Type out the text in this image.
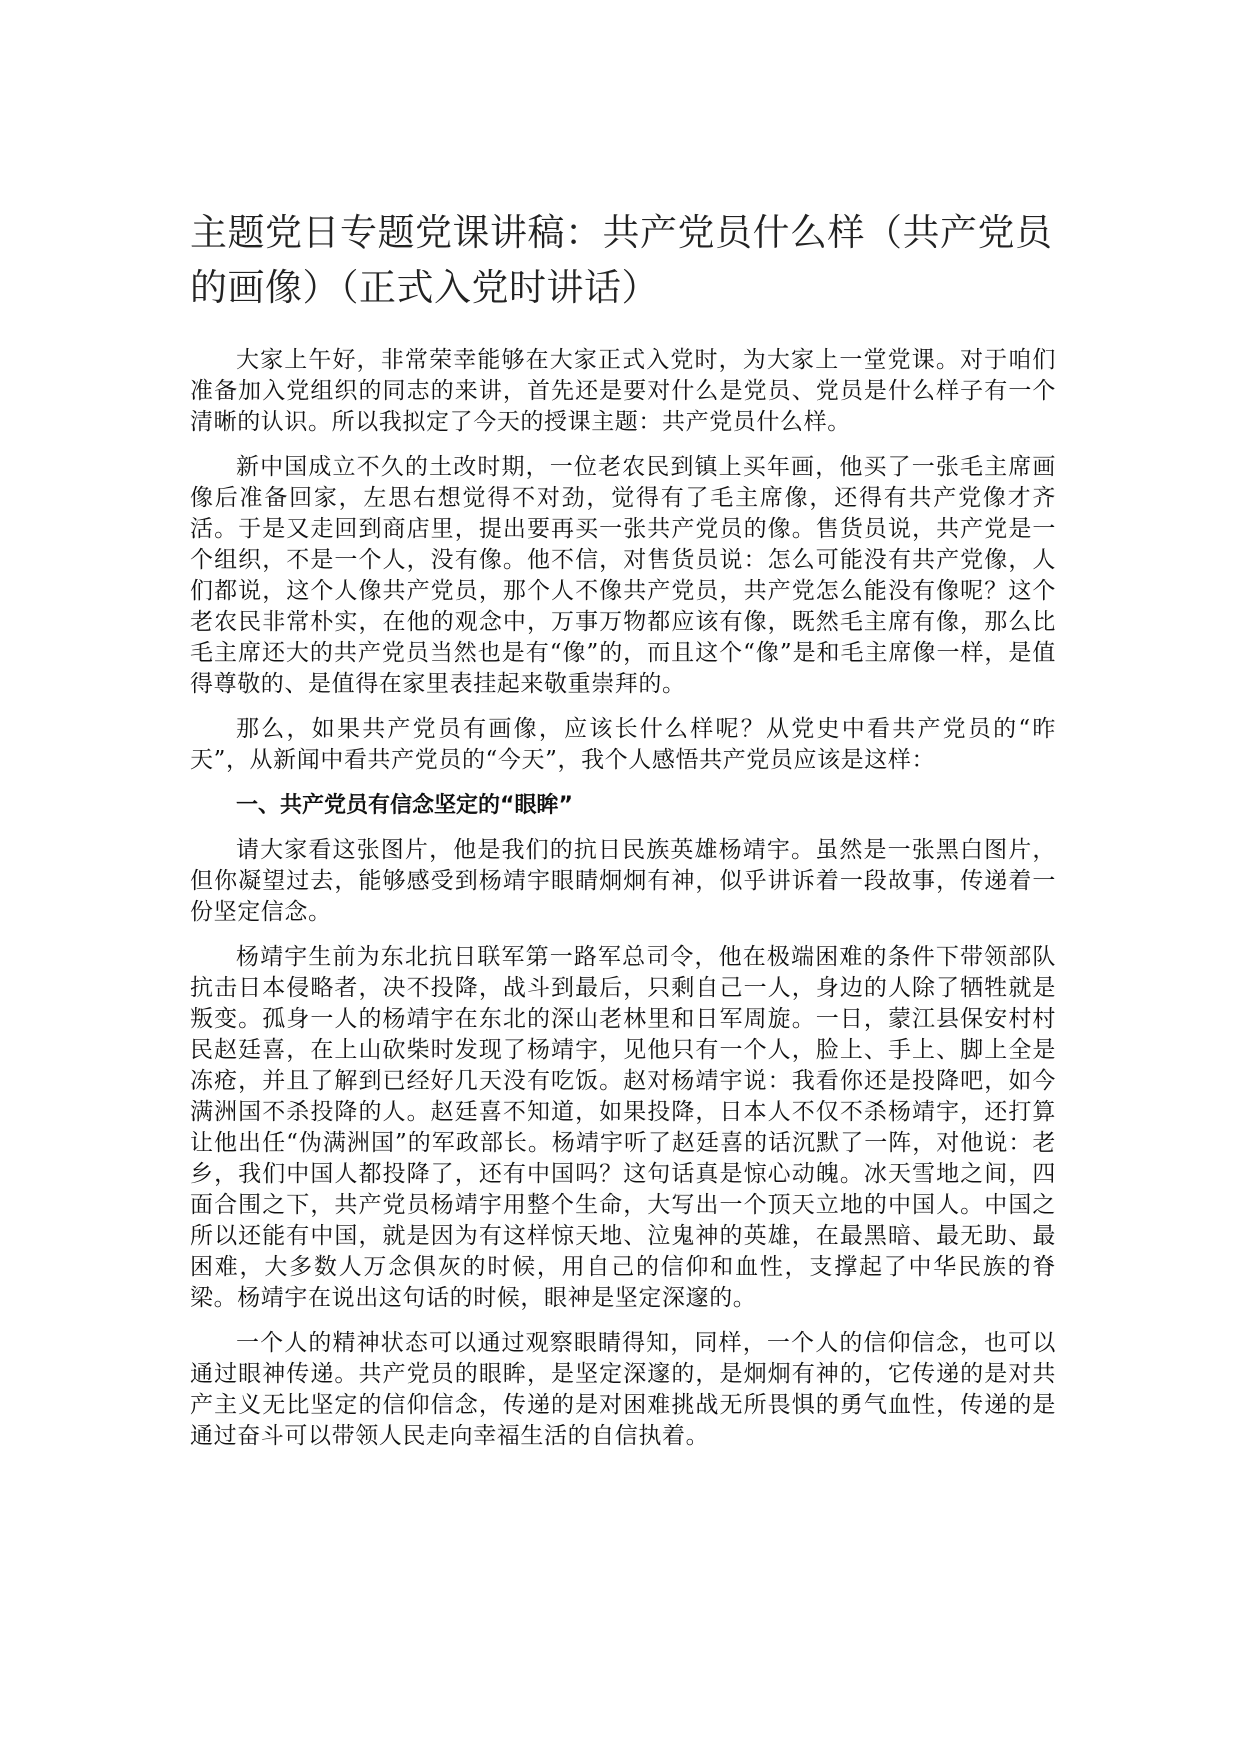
主题党日专题党课讲稿：共产党员什么样（共产党员的画像）（正式入党时讲话）

大家上午好，非常荣幸能够在大家正式入党时，为大家上一堂党课。对于咱们准备加入党组织的同志的来讲，首先还是要对什么是党员、党员是什么样子有一个清晰的认识。所以我拟定了今天的授课主题：共产党员什么样。

新中国成立不久的土改时期，一位老农民到镇上买年画，他买了一张毛主席画像后准备回家，左思右想觉得不对劲，觉得有了毛主席像，还得有共产党像才齐活。于是又走回到商店里，提出要再买一张共产党员的像。售货员说，共产党是一个组织，不是一个人，没有像。他不信，对售货员说：怎么可能没有共产党像，人们都说，这个人像共产党员，那个人不像共产党员，共产党怎么能没有像呢？这个老农民非常朴实，在他的观念中，万事万物都应该有像，既然毛主席有像，那么比毛主席还大的共产党员当然也是有“像”的，而且这个“像”是和毛主席像一样，是值得尊敬的、是值得在家里表挂起来敬重崇拜的。

那么，如果共产党员有画像，应该长什么样呢？从党史中看共产党员的“昨天”，从新闻中看共产党员的“今天”，我个人感悟共产党员应该是这样：

一、共产党员有信念坚定的“眼眸”

请大家看这张图片，他是我们的抗日民族英雄杨靖宇。虽然是一张黑白图片，但你凝望过去，能够感受到杨靖宇眼睛炯炯有神，似乎讲诉着一段故事，传递着一份坚定信念。

杨靖宇生前为东北抗日联军第一路军总司令，他在极端困难的条件下带领部队抗击日本侵略者，决不投降，战斗到最后，只剩自己一人，身边的人除了牺牲就是叛变。孤身一人的杨靖宇在东北的深山老林里和日军周旋。一日，蒙江县保安村村民赵廷喜，在上山砍柴时发现了杨靖宇，见他只有一个人，脸上、手上、脚上全是冻疮，并且了解到已经好几天没有吃饭。赵对杨靖宇说：我看你还是投降吧，如今满洲国不杀投降的人。赵廷喜不知道，如果投降，日本人不仅不杀杨靖宇，还打算让他出任“伪满洲国”的军政部长。杨靖宇听了赵廷喜的话沉默了一阵，对他说：老乡，我们中国人都投降了，还有中国吗？这句话真是惊心动魄。冰天雪地之间，四面合围之下，共产党员杨靖宇用整个生命，大写出一个顶天立地的中国人。中国之所以还能有中国，就是因为有这样惊天地、泣鬼神的英雄，在最黑暗、最无助、最困难，大多数人万念俱灰的时候，用自己的信仰和血性，支撑起了中华民族的脊梁。杨靖宇在说出这句话的时候，眼神是坚定深邃的。

一个人的精神状态可以通过观察眼睛得知，同样，一个人的信仰信念，也可以通过眼神传递。共产党员的眼眸，是坚定深邃的，是炯炯有神的，它传递的是对共产主义无比坚定的信仰信念，传递的是对困难挑战无所畏惧的勇气血性，传递的是通过奋斗可以带领人民走向幸福生活的自信执着。
